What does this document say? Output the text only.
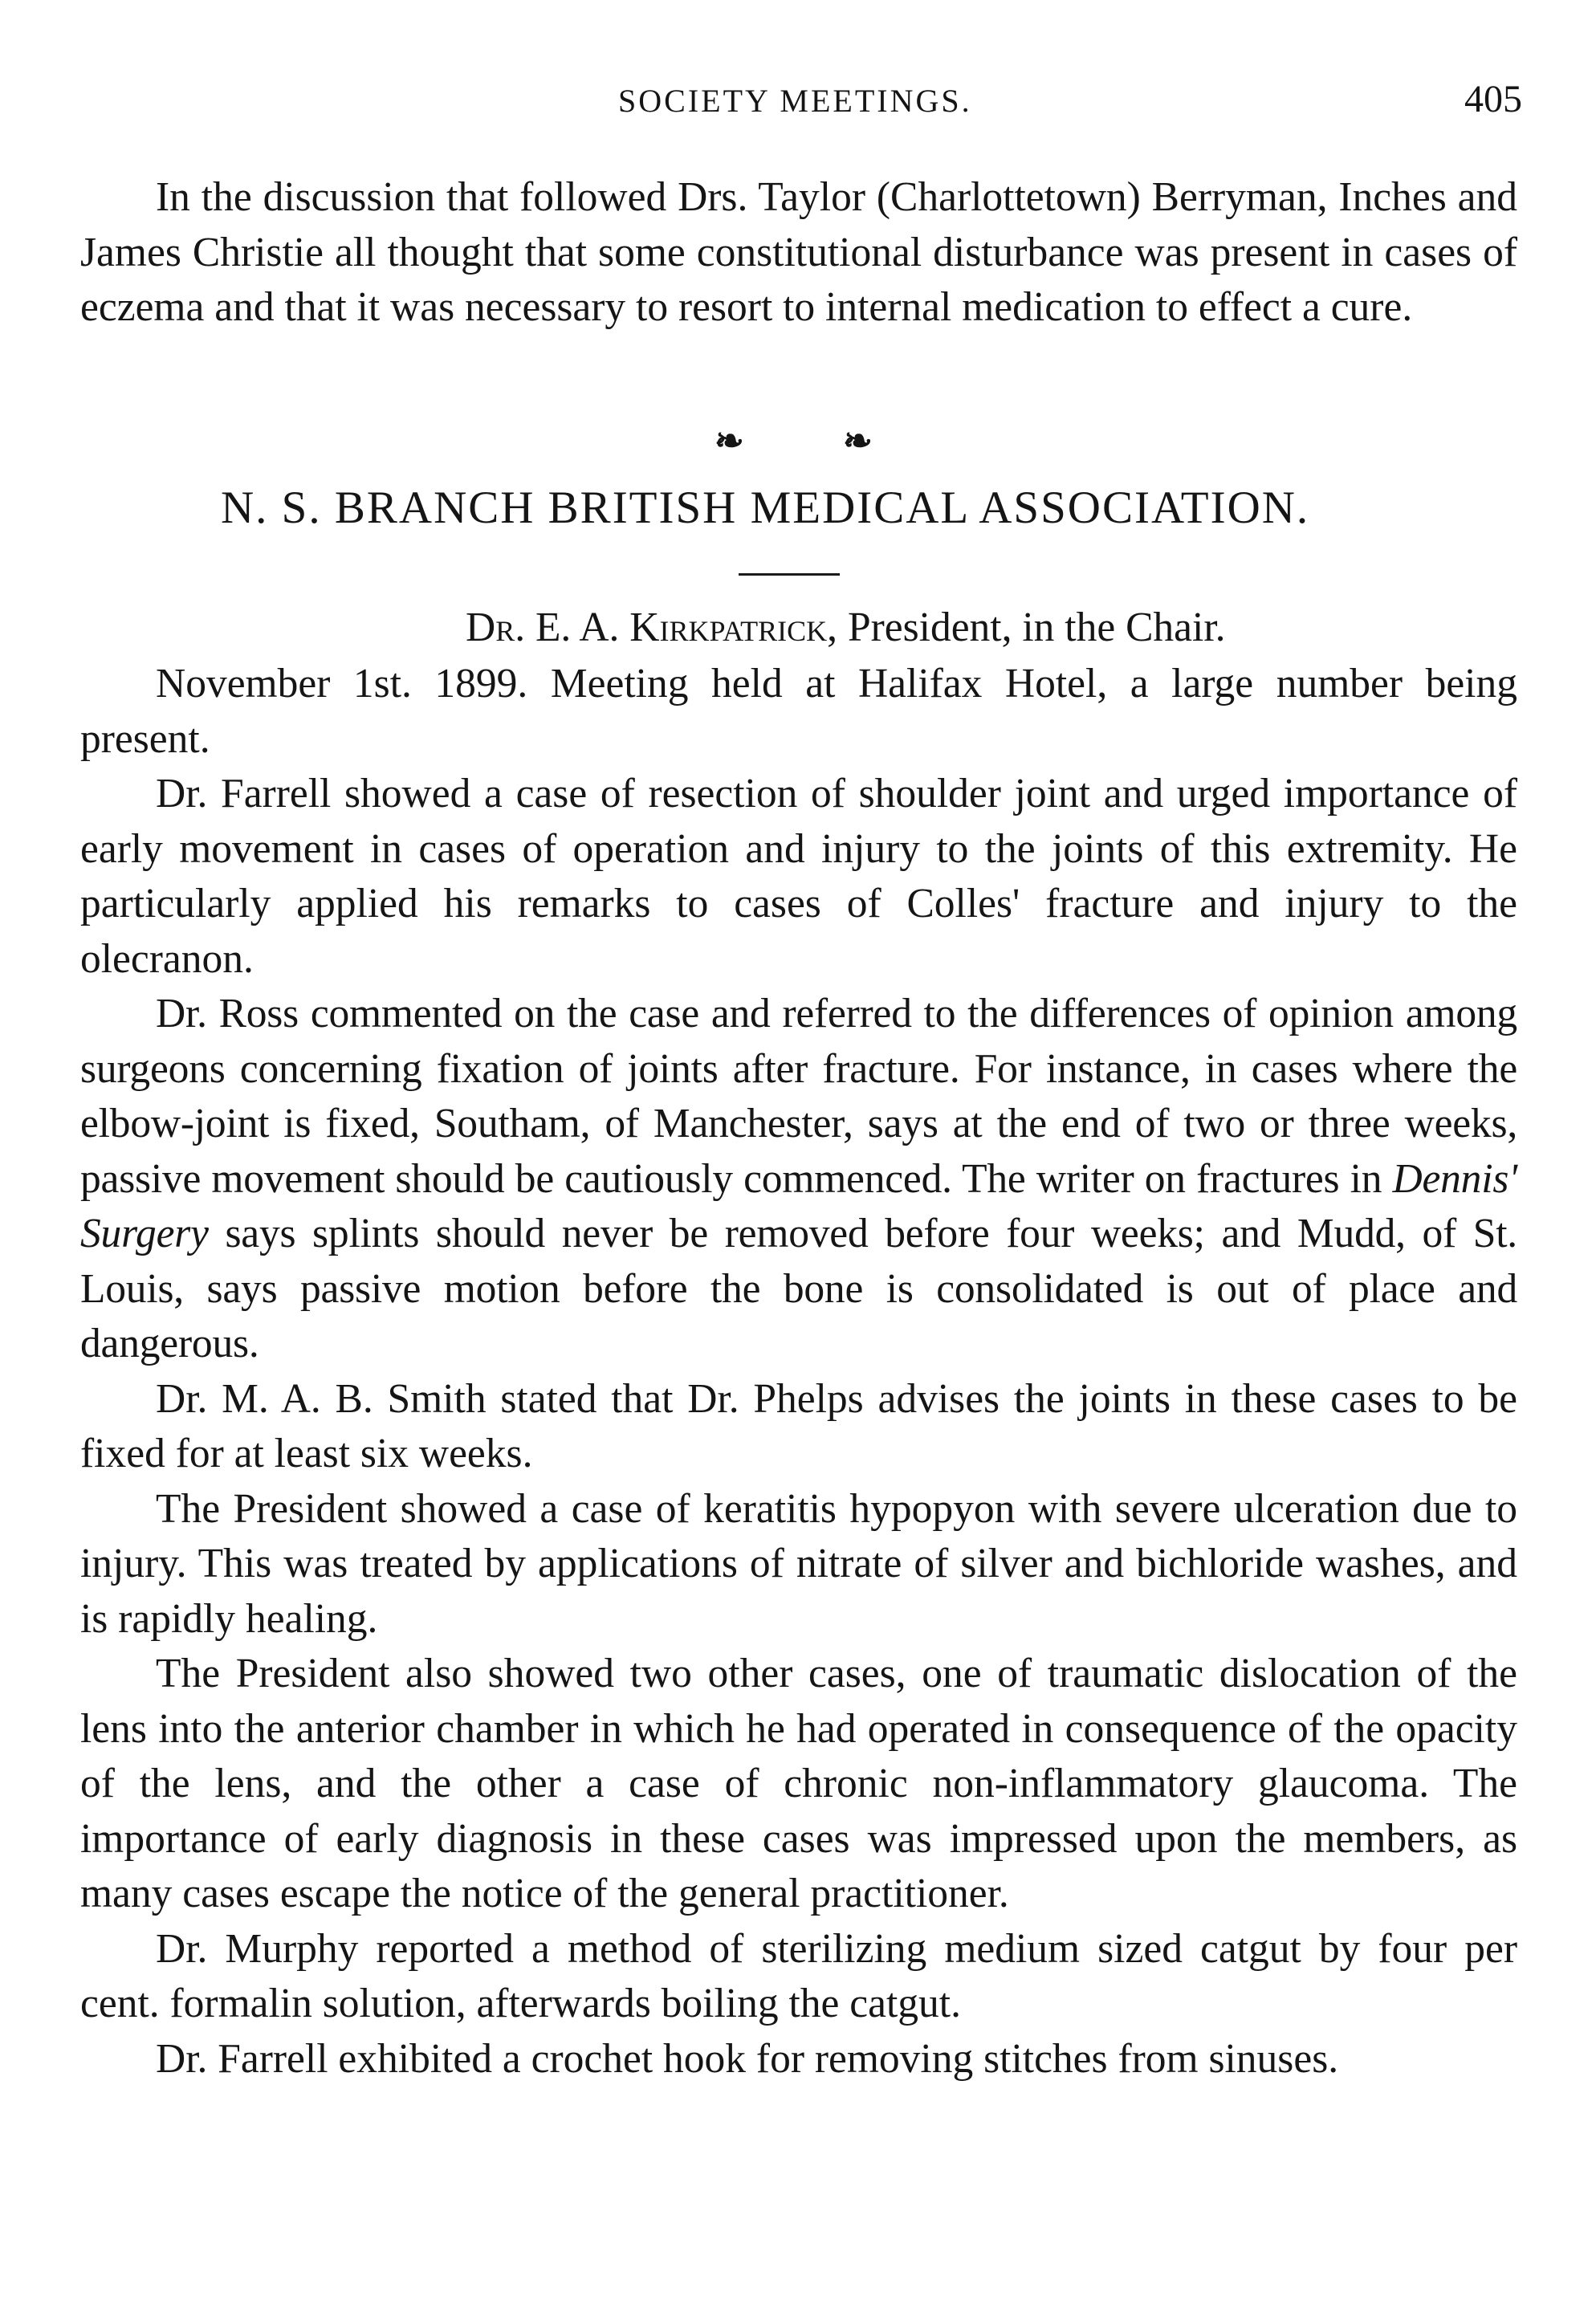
SOCIETY MEETINGS.	405

In the discussion that followed Drs. Taylor (Charlottetown) Berryman, Inches and James Christie all thought that some constitutional disturbance was present in cases of eczema and that it was necessary to resort to internal medication to effect a cure.

❧	❧
N. S. BRANCH BRITISH MEDICAL ASSOCIATION.
Dr. E. A. Kirkpatrick, President, in the Chair.

November 1st. 1899. Meeting held at Halifax Hotel, a large number being present.

Dr. Farrell showed a case of resection of shoulder joint and urged importance of early movement in cases of operation and injury to the joints of this extremity. He particularly applied his remarks to cases of Colles' fracture and injury to the olecranon.

Dr. Ross commented on the case and referred to the differences of opinion among surgeons concerning fixation of joints after fracture. For instance, in cases where the elbow-joint is fixed, Southam, of Manchester, says at the end of two or three weeks, passive movement should be cautiously commenced. The writer on fractures in Dennis' Surgery says splints should never be removed before four weeks; and Mudd, of St. Louis, says passive motion before the bone is consolidated is out of place and dangerous.

Dr. M. A. B. Smith stated that Dr. Phelps advises the joints in these cases to be fixed for at least six weeks.

The President showed a case of keratitis hypopyon with severe ulceration due to injury. This was treated by applications of nitrate of silver and bichloride washes, and is rapidly healing.

The President also showed two other cases, one of traumatic dislocation of the lens into the anterior chamber in which he had operated in consequence of the opacity of the lens, and the other a case of chronic non-inflammatory glaucoma. The importance of early diagnosis in these cases was impressed upon the members, as many cases escape the notice of the general practitioner.

Dr. Murphy reported a method of sterilizing medium sized catgut by four per cent. formalin solution, afterwards boiling the catgut.

Dr. Farrell exhibited a crochet hook for removing stitches from sinuses.
